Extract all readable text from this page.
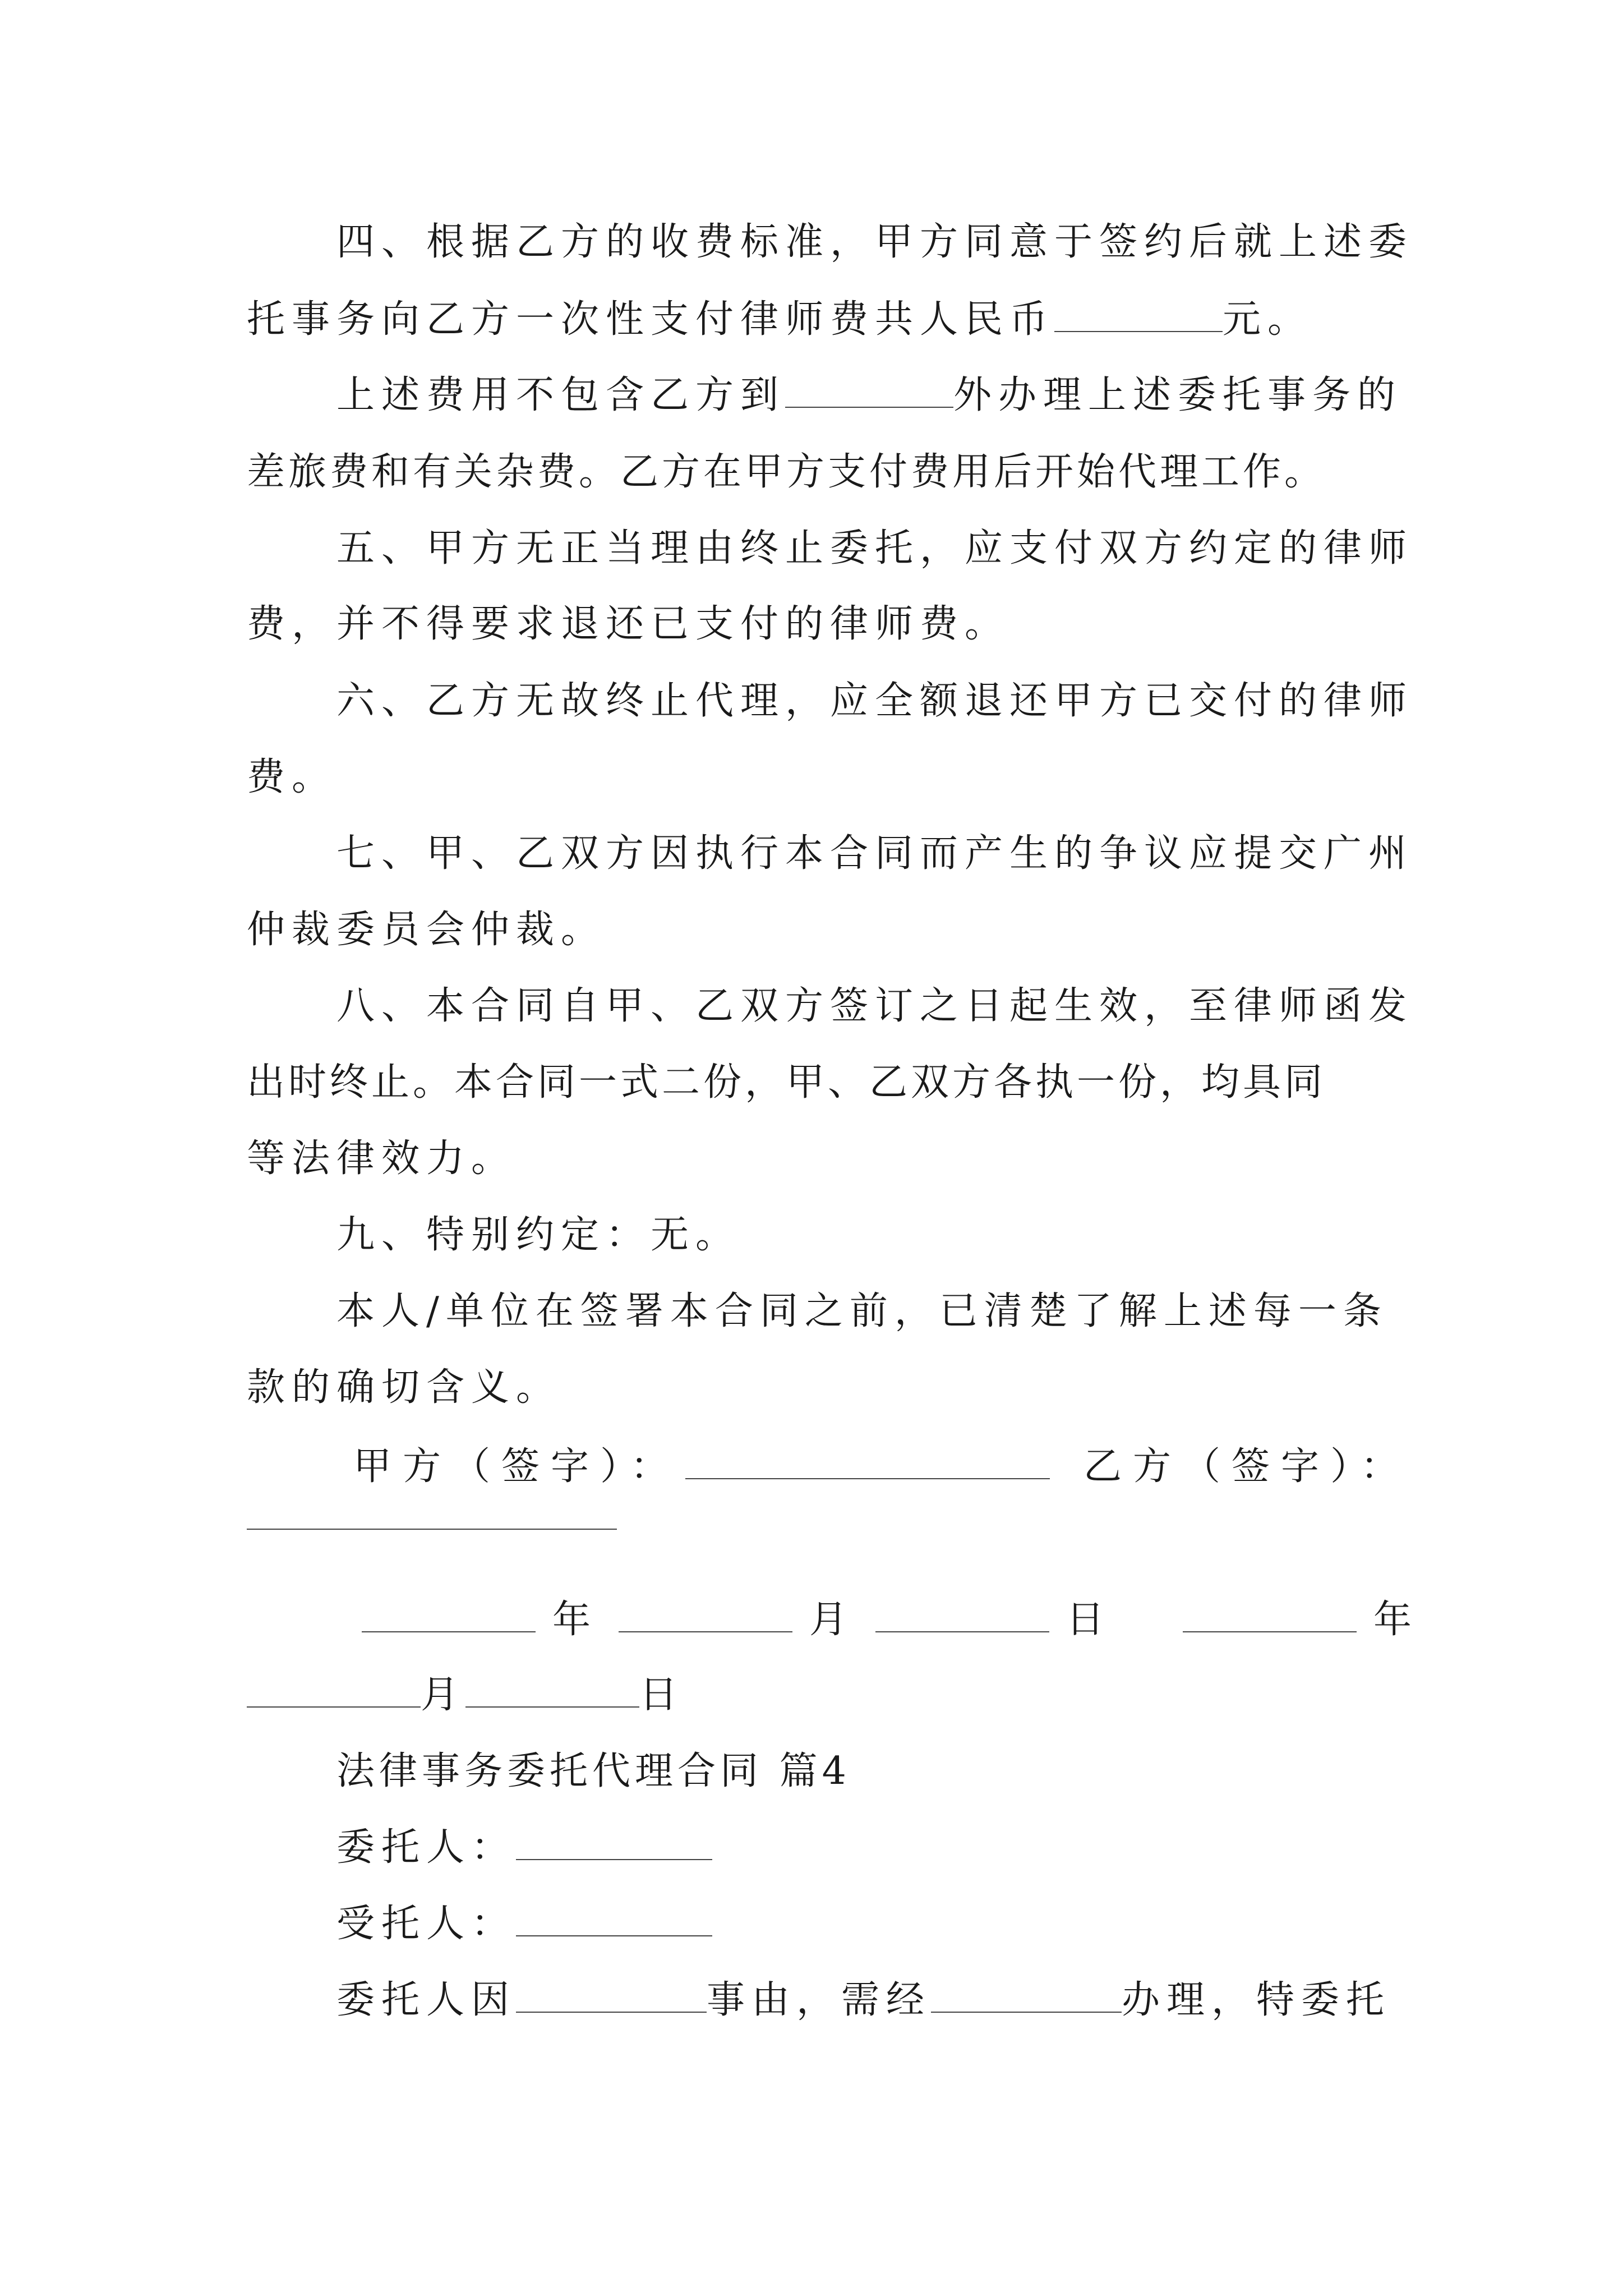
四、根据乙方的收费标准，甲方同意于签约后就上述委
托事务向乙方一次性支付律师费共人民币	元。
上述费用不包含乙方到	外办理上述委托事务的
差旅费和有关杂费。乙方在甲方支付费用后开始代理工作。
五、甲方无正当理由终止委托，应支付双方约定的律师
费，并不得要求退还已支付的律师费。
六、乙方无故终止代理，应全额退还甲方已交付的律师
费。
七、甲、乙双方因执行本合同而产生的争议应提交广州
仲裁委员会仲裁。
八、本合同自甲、乙双方签订之日起生效，至律师函发
出时终止。本合同一式二份，甲、乙双方各执一份，均具同
等法律效力。
九、特别约定：无。
本人/单位在签署本合同之前，已清楚了解上述每一条
款的确切含义。
甲方（签字）：	乙方（签字）：
年	月	日	年
月	日
法律事务委托代理合同 篇4
委托人：
受托人：
委托人因	事由，需经	办理，特委托
